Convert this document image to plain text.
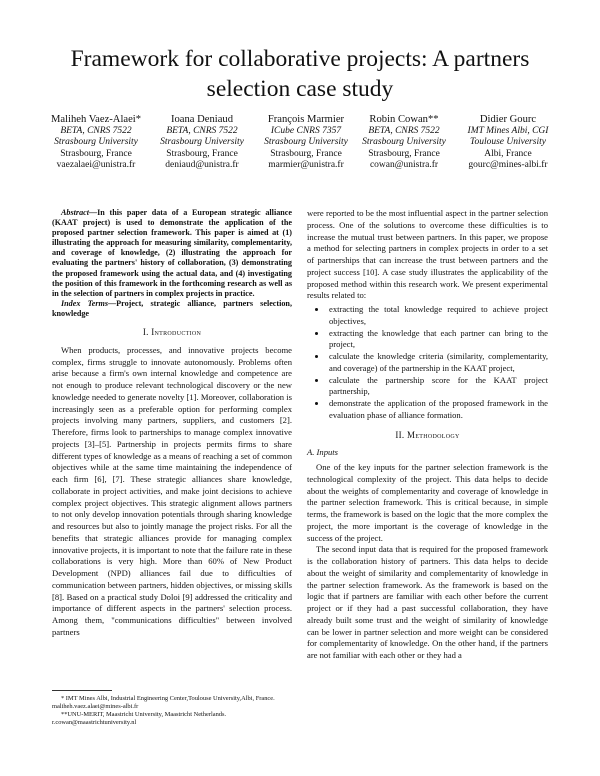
Framework for collaborative projects: A partners selection case study
Maliheh Vaez-Alaei*
BETA, CNRS 7522
Strasbourg University
Strasbourg, France
vaezalaei@unistra.fr
Ioana Deniaud
BETA, CNRS 7522
Strasbourg University
Strasbourg, France
deniaud@unistra.fr
François Marmier
ICube CNRS 7357
Strasbourg University
Strasbourg, France
marmier@unistra.fr
Robin Cowan**
BETA, CNRS 7522
Strasbourg University
Strasbourg, France
cowan@unistra.fr
Didier Gourc
IMT Mines Albi, CGI
Toulouse University
Albi, France
gourc@mines-albi.fr

Abstract—In this paper data of a European strategic alliance (KAAT project) is used to demonstrate the application of the proposed partner selection framework. This paper is aimed at (1) illustrating the approach for measuring similarity, complementarity, and coverage of knowledge, (2) illustrating the approach for evaluating the partners' history of collaboration, (3) demonstrating the proposed framework using the actual data, and (4) investigating the position of this framework in the forthcoming research as well as in the selection of partners in complex projects in practice.

Index Terms—Project, strategic alliance, partners selection, knowledge

I. Introduction

When products, processes, and innovative projects become complex, firms struggle to innovate autonomously. Problems often arise because a firm's own internal knowledge and competence are not enough to produce relevant technological discovery or the new knowledge needed to generate novelty [1]. Moreover, collaboration is increasingly seen as a preferable option for performing complex projects involving many partners, suppliers, and customers [2]. Therefore, firms look to partnerships to manage complex innovative projects [3]–[5]. Partnership in projects permits firms to share different types of knowledge as a means of reaching a set of common objectives while at the same time maintaining the independence of each firm [6], [7]. These strategic alliances share knowledge, collaborate in project activities, and make joint decisions to achieve complex project objectives. This strategic alignment allows partners to not only develop innovation potentials through sharing knowledge and resources but also to jointly manage the project risks. For all the benefits that strategic alliances provide for managing complex innovative projects, it is important to note that the failure rate in these collaborations is very high. More than 60% of New Product Development (NPD) alliances fail due to difficulties of communication between partners, hidden objectives, or missing skills [8]. Based on a practical study Doloi [9] addressed the criticality and importance of different aspects in the partners' selection process. Among them, "communications difficulties" between involved partners

* IMT Mines Albi, Industrial Engineering Center,Toulouse University,Albi, France. maliheh.vaez.alaei@mines-albi.fr

**UNU-MERIT, Maastricht University, Maastricht Netherlands. r.cowan@maastrichtuniversity.nl

were reported to be the most influential aspect in the partner selection process. One of the solutions to overcome these difficulties is to increase the mutual trust between partners. In this paper, we propose a method for selecting partners in complex projects in order to a set of partnerships that can increase the trust between partners and the project success [10]. A case study illustrates the applicability of the proposed method within this research work. We present experimental results related to:

• extracting the total knowledge required to achieve project objectives,
• extracting the knowledge that each partner can bring to the project,
• calculate the knowledge criteria (similarity, complementarity, and coverage) of the partnership in the KAAT project,
• calculate the partnership score for the KAAT project partnership,
• demonstrate the application of the proposed framework in the evaluation phase of alliance formation.
II. Methodology
A. Inputs

One of the key inputs for the partner selection framework is the technological complexity of the project. This data helps to decide about the weights of complementarity and coverage of knowledge in the partner selection framework. This is critical because, in simple terms, the framework is based on the logic that the more complex the project, the more important is the coverage of knowledge in the success of the project.

The second input data that is required for the proposed framework is the collaboration history of partners. This data helps to decide about the weight of similarity and complementarity of knowledge in the partner selection framework. As the framework is based on the logic that if partners are familiar with each other before the current project or if they had a past successful collaboration, they have already built some trust and the weight of similarity of knowledge can be lower in partner selection and more weight can be considered for complementarity of knowledge. On the other hand, if the partners are not familiar with each other or they had a
